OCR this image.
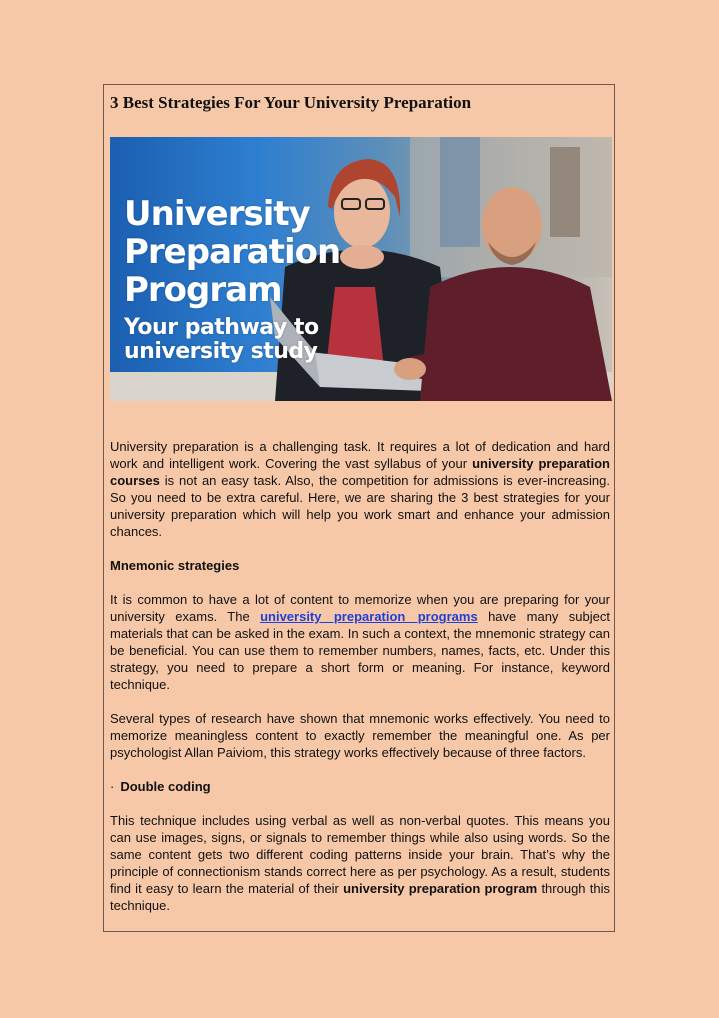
3 Best Strategies For Your University Preparation
University
Preparation
Program
Your pathway to
university study

University preparation is a challenging task. It requires a lot of dedication and hard work and intelligent work. Covering the vast syllabus of your university preparation courses is not an easy task. Also, the competition for admissions is ever-increasing. So you need to be extra careful. Here, we are sharing the 3 best strategies for your university preparation which will help you work smart and enhance your admission chances.

Mnemonic strategies

It is common to have a lot of content to memorize when you are preparing for your university exams. The university preparation programs have many subject materials that can be asked in the exam. In such a context, the mnemonic strategy can be beneficial. You can use them to remember numbers, names, facts, etc. Under this strategy, you need to prepare a short form or meaning. For instance, keyword technique.

Several types of research have shown that mnemonic works effectively. You need to memorize meaningless content to exactly remember the meaningful one. As per psychologist Allan Paiviom, this strategy works effectively because of three factors.

· Double coding

This technique includes using verbal as well as non-verbal quotes. This means you can use images, signs, or signals to remember things while also using words. So the same content gets two different coding patterns inside your brain. That’s why the principle of connectionism stands correct here as per psychology. As a result, students find it easy to learn the material of their university preparation program through this technique.
